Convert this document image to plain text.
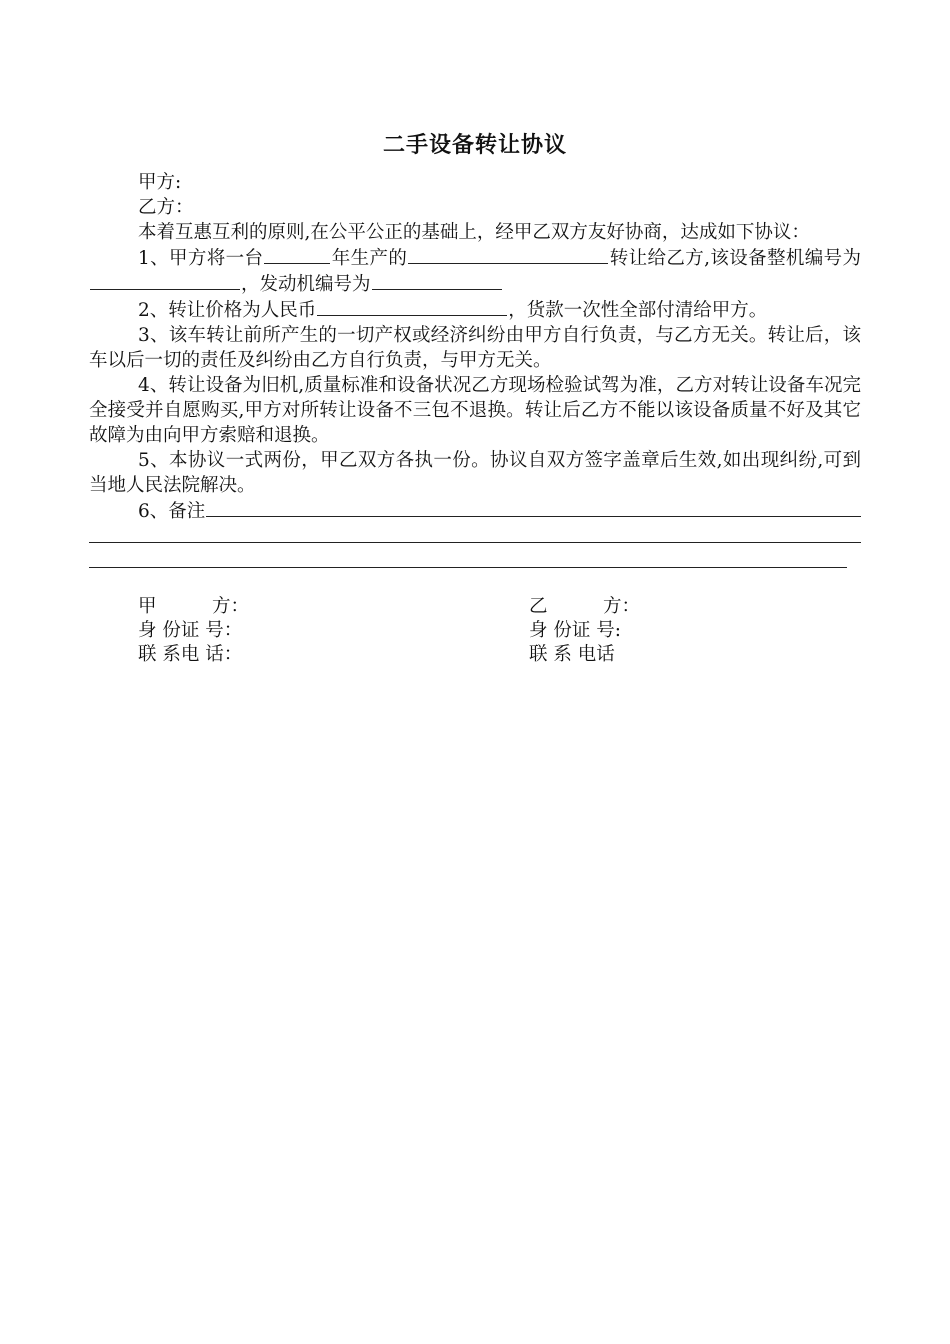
二手设备转让协议

甲方:

乙方：

本着互惠互利的原则,在公平公正的基础上，经甲乙双方友好协商，达成如下协议：

1、甲方将一台	年生产的	转让给乙方,该设备整机编号为，发动机编号为

2、转让价格为人民币	，货款一次性全部付清给甲方。

3、该车转让前所产生的一切产权或经济纠纷由甲方自行负责，与乙方无关。转让后，该车以后一切的责任及纠纷由乙方自行负责，与甲方无关。

4、转让设备为旧机,质量标准和设备状况乙方现场检验试驾为准，乙方对转让设备车况完全接受并自愿购买,甲方对所转让设备不三包不退换。转让后乙方不能以该设备质量不好及其它故障为由向甲方索赔和退换。

5、本协议一式两份，甲乙双方各执一份。协议自双方签字盖章后生效,如出现纠纷,可到当地人民法院解决。

6、备注
甲　　　方：	乙　　　方：
身 份证 号：	身 份证 号:
联 系电 话：	联 系 电话
